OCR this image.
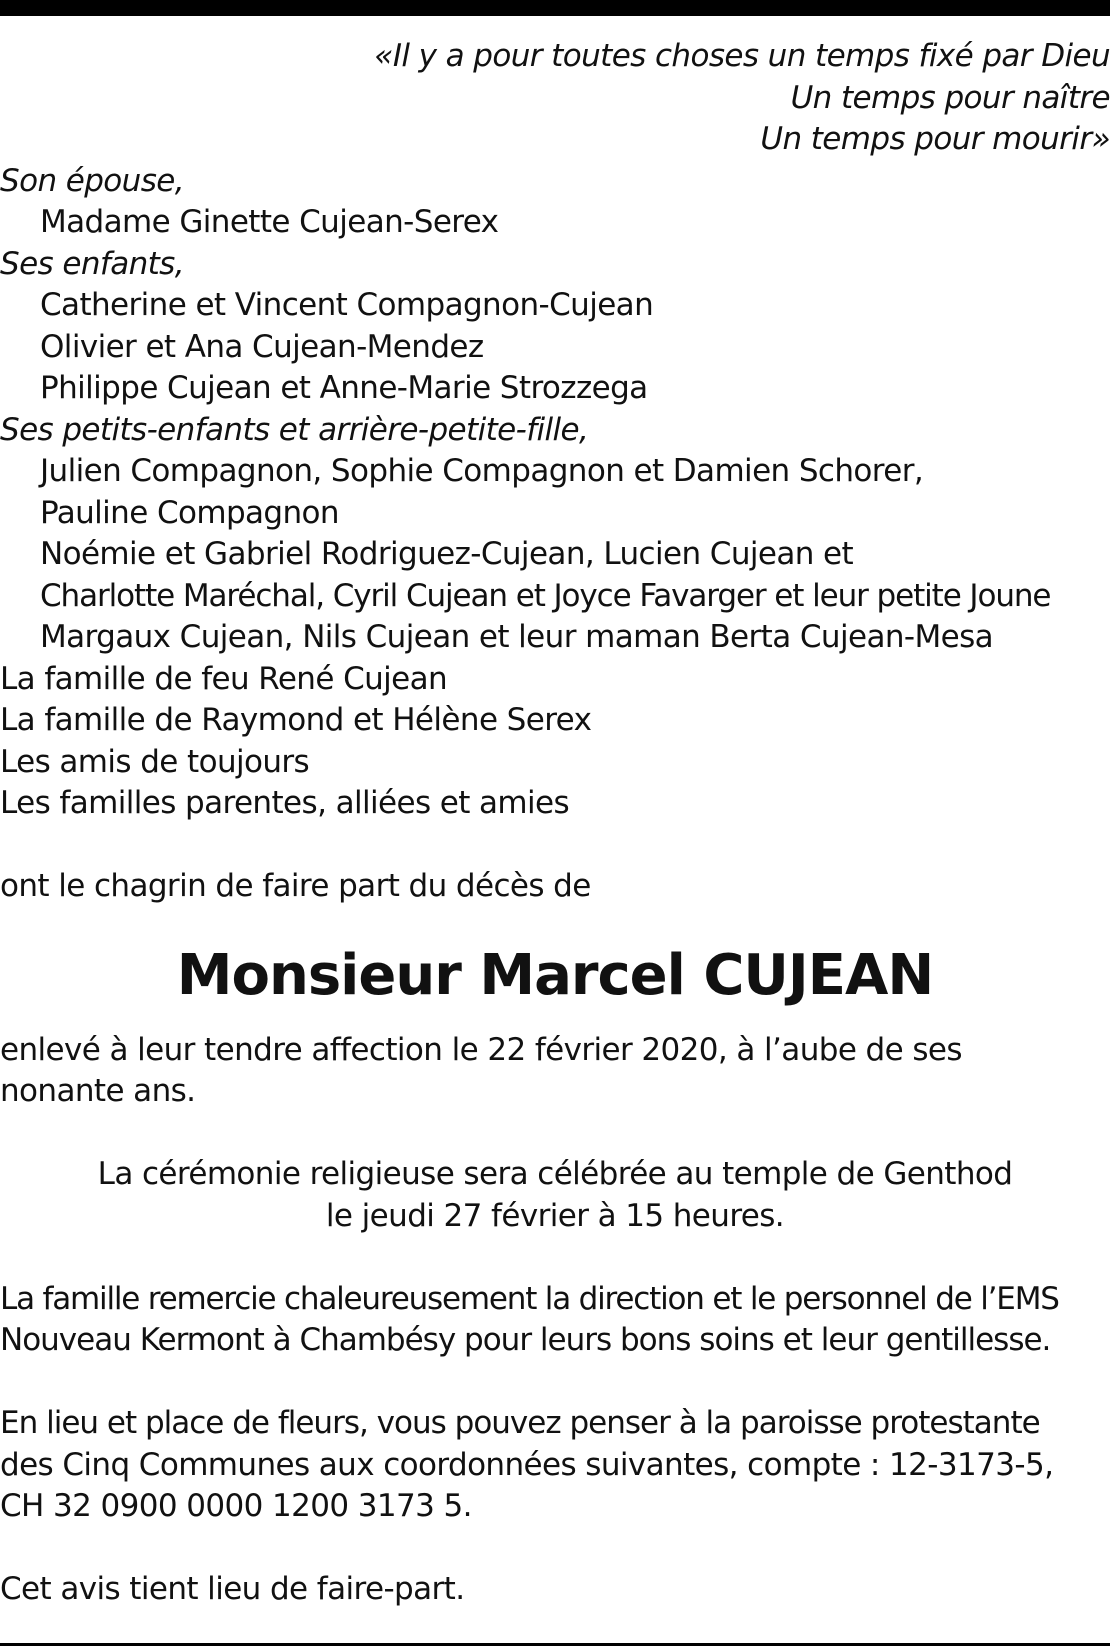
«Il y a pour toutes choses un temps fixé par Dieu
Un temps pour naître
Un temps pour mourir»
Son épouse,
Madame Ginette Cujean-Serex
Ses enfants,
Catherine et Vincent Compagnon-Cujean
Olivier et Ana Cujean-Mendez
Philippe Cujean et Anne-Marie Strozzega
Ses petits-enfants et arrière-petite-fille,
Julien Compagnon, Sophie Compagnon et Damien Schorer,
Pauline Compagnon
Noémie et Gabriel Rodriguez-Cujean, Lucien Cujean et
Charlotte Maréchal, Cyril Cujean et Joyce Favarger et leur petite Joune
Margaux Cujean, Nils Cujean et leur maman Berta Cujean-Mesa
La famille de feu René Cujean
La famille de Raymond et Hélène Serex
Les amis de toujours
Les familles parentes, alliées et amies
ont le chagrin de faire part du décès de
Monsieur Marcel CUJEAN
enlevé à leur tendre affection le 22 février 2020, à l’aube de ses
nonante ans.
La cérémonie religieuse sera célébrée au temple de Genthod
le jeudi 27 février à 15 heures.
La famille remercie chaleureusement la direction et le personnel de l’EMS
Nouveau Kermont à Chambésy pour leurs bons soins et leur gentillesse.
En lieu et place de fleurs, vous pouvez penser à la paroisse protestante
des Cinq Communes aux coordonnées suivantes, compte : 12-3173-5,
CH 32 0900 0000 1200 3173 5.
Cet avis tient lieu de faire-part.
